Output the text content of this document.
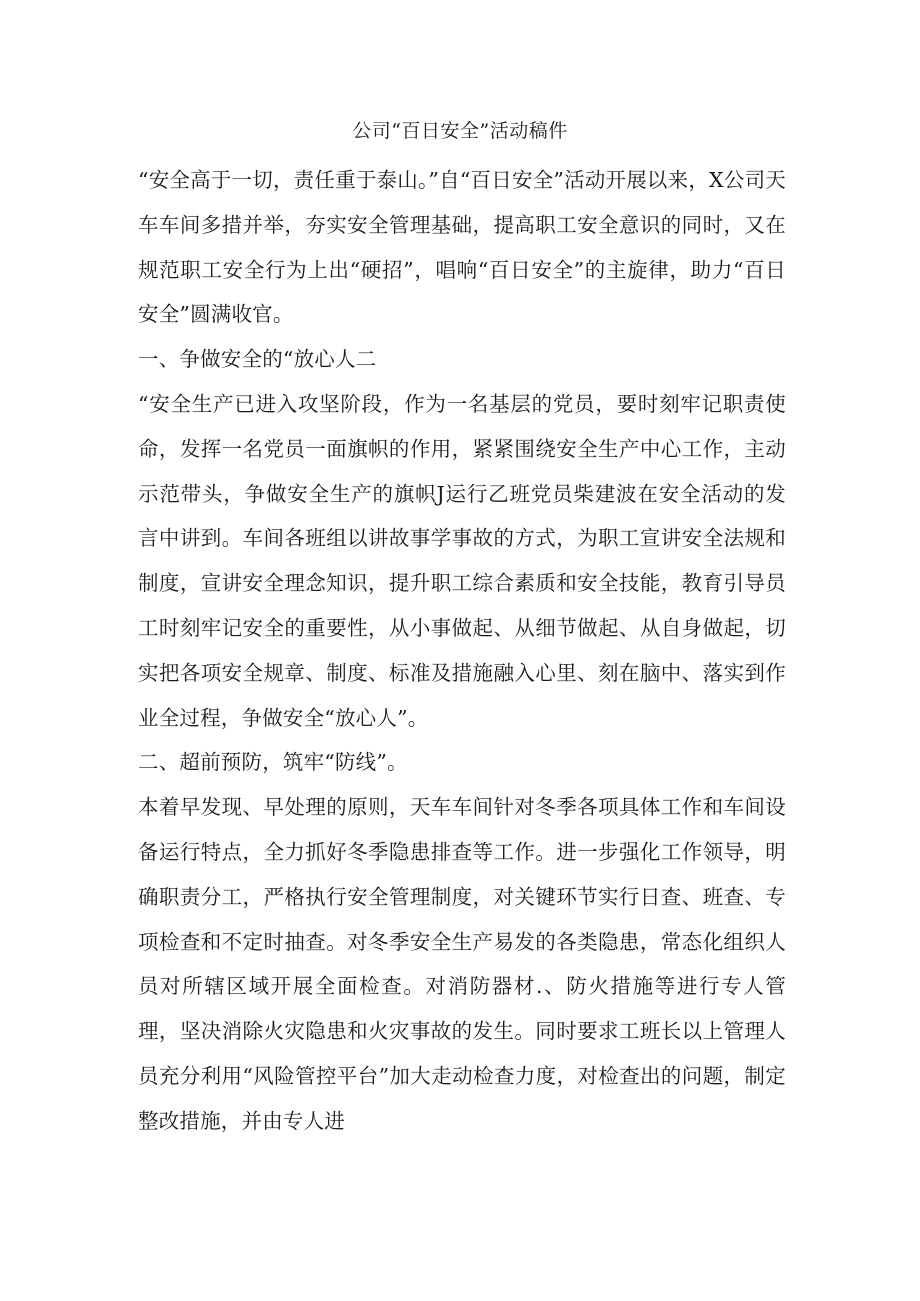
公司“百日安全”活动稿件

“安全高于一切，责任重于泰山。”自“百日安全”活动开展以来，X公司天车车间多措并举，夯实安全管理基础，提高职工安全意识的同时，又在规范职工安全行为上出“硬招”，唱响“百日安全”的主旋律，助力“百日安全”圆满收官。

一、争做安全的“放心人二

“安全生产已进入攻坚阶段，作为一名基层的党员，要时刻牢记职责使命，发挥一名党员一面旗帜的作用，紧紧围绕安全生产中心工作，主动示范带头，争做安全生产的旗帜J运行乙班党员柴建波在安全活动的发言中讲到。车间各班组以讲故事学事故的方式，为职工宣讲安全法规和制度，宣讲安全理念知识，提升职工综合素质和安全技能，教育引导员工时刻牢记安全的重要性，从小事做起、从细节做起、从自身做起，切实把各项安全规章、制度、标准及措施融入心里、刻在脑中、落实到作业全过程，争做安全“放心人”。

二、超前预防，筑牢“防线”。

本着早发现、早处理的原则，天车车间针对冬季各项具体工作和车间设备运行特点，全力抓好冬季隐患排查等工作。进一步强化工作领导，明确职责分工，严格执行安全管理制度，对关键环节实行日查、班查、专项检查和不定时抽查。对冬季安全生产易发的各类隐患，常态化组织人员对所辖区域开展全面检查。对消防器材.、防火措施等进行专人管理，坚决消除火灾隐患和火灾事故的发生。同时要求工班长以上管理人员充分利用“风险管控平台”加大走动检查力度，对检查出的问题，制定整改措施，并由专人进
